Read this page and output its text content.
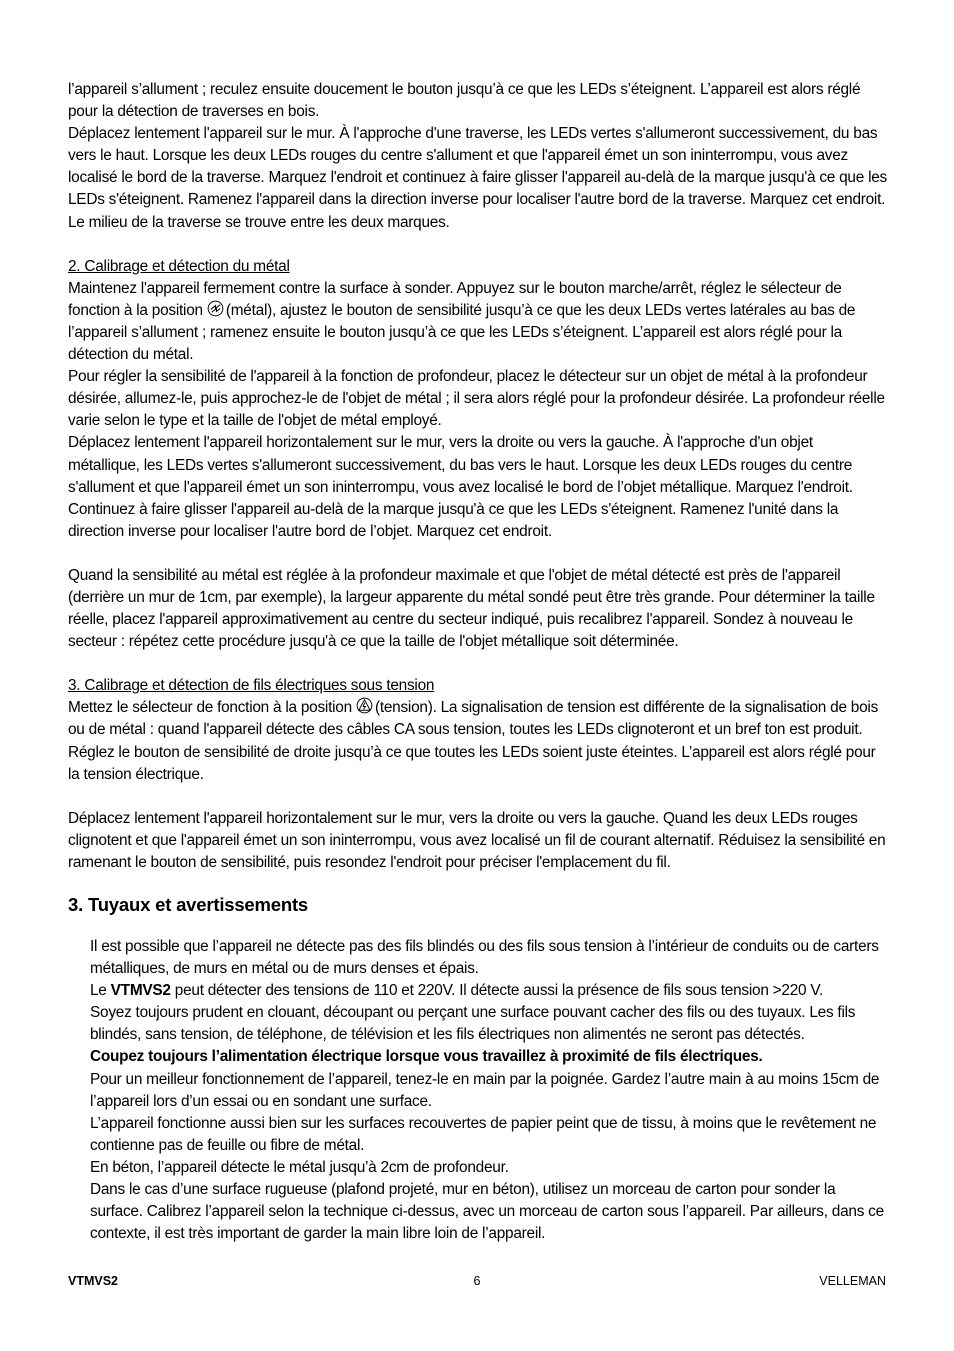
l’appareil s’allument ; reculez ensuite doucement le bouton jusqu’à ce que les LEDs s’éteignent. L’appareil est alors réglé pour la détection de traverses en bois.

Déplacez lentement l'appareil sur le mur. À l'approche d'une traverse, les LEDs vertes s'allumeront successivement, du bas vers le haut. Lorsque les deux LEDs rouges du centre s'allument et que l'appareil émet un son ininterrompu, vous avez localisé le bord de la traverse. Marquez l'endroit et continuez à faire glisser l'appareil au-delà de la marque jusqu'à ce que les LEDs s'éteignent. Ramenez l'appareil dans la direction inverse pour localiser l'autre bord de la traverse. Marquez cet endroit. Le milieu de la traverse se trouve entre les deux marques.

2. Calibrage et détection du métal

Maintenez l'appareil fermement contre la surface à sonder. Appuyez sur le bouton marche/arrêt, réglez le sélecteur de fonction à la position (métal), ajustez le bouton de sensibilité jusqu’à ce que les deux LEDs vertes latérales au bas de l’appareil s’allument ; ramenez ensuite le bouton jusqu’à ce que les LEDs s’éteignent. L’appareil est alors réglé pour la détection du métal.

Pour régler la sensibilité de l'appareil à la fonction de profondeur, placez le détecteur sur un objet de métal à la profondeur désirée, allumez-le, puis approchez-le de l'objet de métal ; il sera alors réglé pour la profondeur désirée. La profondeur réelle varie selon le type et la taille de l'objet de métal employé.

Déplacez lentement l'appareil horizontalement sur le mur, vers la droite ou vers la gauche. À l'approche d'un objet métallique, les LEDs vertes s'allumeront successivement, du bas vers le haut. Lorsque les deux LEDs rouges du centre s'allument et que l'appareil émet un son ininterrompu, vous avez localisé le bord de l’objet métallique. Marquez l'endroit. Continuez à faire glisser l'appareil au-delà de la marque jusqu'à ce que les LEDs s'éteignent. Ramenez l'unité dans la direction inverse pour localiser l'autre bord de l’objet. Marquez cet endroit.

Quand la sensibilité au métal est réglée à la profondeur maximale et que l'objet de métal détecté est près de l'appareil (derrière un mur de 1cm, par exemple), la largeur apparente du métal sondé peut être très grande. Pour déterminer la taille réelle, placez l'appareil approximativement au centre du secteur indiqué, puis recalibrez l'appareil. Sondez à nouveau le secteur : répétez cette procédure jusqu'à ce que la taille de l'objet métallique soit déterminée.

3. Calibrage et détection de fils électriques sous tension

Mettez le sélecteur de fonction à la position (tension). La signalisation de tension est différente de la signalisation de bois ou de métal : quand l'appareil détecte des câbles CA sous tension, toutes les LEDs clignoteront et un bref ton est produit. Réglez le bouton de sensibilité de droite jusqu’à ce que toutes les LEDs soient juste éteintes. L’appareil est alors réglé pour la tension électrique.

Déplacez lentement l'appareil horizontalement sur le mur, vers la droite ou vers la gauche. Quand les deux LEDs rouges clignotent et que l'appareil émet un son ininterrompu, vous avez localisé un fil de courant alternatif. Réduisez la sensibilité en ramenant le bouton de sensibilité, puis resondez l'endroit pour préciser l'emplacement du fil.

3. Tuyaux et avertissements

Il est possible que l’appareil ne détecte pas des fils blindés ou des fils sous tension à l’intérieur de conduits ou de carters métalliques, de murs en métal ou de murs denses et épais.

Le VTMVS2 peut détecter des tensions de 110 et 220V. Il détecte aussi la présence de fils sous tension >220 V.

Soyez toujours prudent en clouant, découpant ou perçant une surface pouvant cacher des fils ou des tuyaux. Les fils blindés, sans tension, de téléphone, de télévision et les fils électriques non alimentés ne seront pas détectés.

Coupez toujours l’alimentation électrique lorsque vous travaillez à proximité de fils électriques.

Pour un meilleur fonctionnement de l’appareil, tenez-le en main par la poignée. Gardez l’autre main à au moins 15cm de l’appareil lors d’un essai ou en sondant une surface.

L’appareil fonctionne aussi bien sur les surfaces recouvertes de papier peint que de tissu, à moins que le revêtement ne contienne pas de feuille ou fibre de métal.

En béton, l’appareil détecte le métal jusqu’à 2cm de profondeur.

Dans le cas d’une surface rugueuse (plafond projeté, mur en béton), utilisez un morceau de carton pour sonder la surface. Calibrez l’appareil selon la technique ci-dessus, avec un morceau de carton sous l’appareil. Par ailleurs, dans ce contexte, il est très important de garder la main libre loin de l’appareil.

VTMVS2	6	VELLEMAN
